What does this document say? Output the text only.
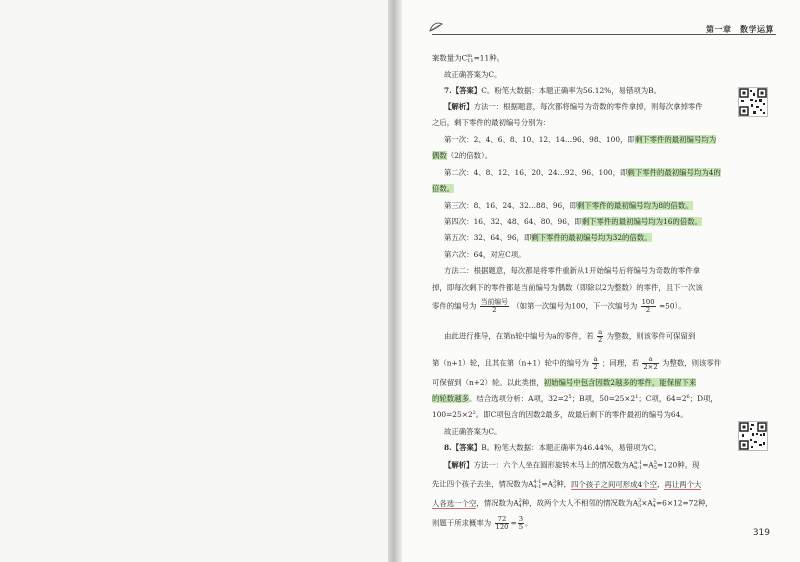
第一章　数学运算
案数量为C m
11 =11种。
故正确答案为C。
7.【答案】C。粉笔大数据：本题正确率为56.12%，易错项为B。
【解析】方法一：根据题意，每次都将编号为奇数的零件拿掉，则每次拿掉零件
之后，剩下零件的最初编号分别为：
第一次：2、4、6、8、10、12、14…96、98、100，即剩下零件的最初编号均为
偶数（2的倍数）。
第二次：4、8、12、16、20、24…92、96、100，即剩下零件的最初编号均为4的
倍数。
第三次：8、16、24、32…88、96，即剩下零件的最初编号均为8的倍数。
第四次：16、32、48、64、80、96，即剩下零件的最初编号均为16的倍数。
第五次：32、64、96，即剩下零件的最初编号均为32的倍数。
第六次：64，对应C项。
方法二：根据题意，每次都是将零件重新从1开始编号后将编号为奇数的零件拿
掉，即每次剩下的零件都是当前编号为偶数（即除以2为整数）的零件，且下一次该
零件的编号为 $\frac{\text{当前编号}}{2}$ （如第一次编号为100，下一次编号为 $\frac{100}{2} =50$）。
由此进行推导，在第n轮中编号为a的零件，若 $\frac{a}{2}$ 为整数，则该零件可保留到
第（n+1）轮，且其在第（n+1）轮中的编号为 $\frac{a}{2}$ ；同理，若 $\frac{a}{2\times 2}$ 为整数，则该零件
可保留到（n+2）轮。以此类推，初始编号中包含因数2越多的零件，能保留下来
的轮数越多。结合选项分析：A项，$32=2^5$；B项，$50=25\times 2^1$；C项，$64=2^6$；D项，
$100=25\times 2^2$。即C项包含的因数2最多，故最后剩下的零件最初的编号为64。
故正确答案为C。
8.【答案】B。粉笔大数据：本题正确率为46.44%，易错项为C。
【解析】方法一：六个人坐在圆形旋转木马上的情况数为A n-1
n-1 =A 5
5 =120种。现
先让四个孩子去坐，情况数为A 4-1
4-1 =A 3
3 种，四个孩子之间可形成4个空，再让两个大
人各选一个空，情况数为A 2
4 种，故两个大人不相邻的情况数为A 3
3 ×A 2
4 =6×12=72种，
则题干所求概率为 $\frac{72}{120} = \frac{3}{5}$ 。
319
